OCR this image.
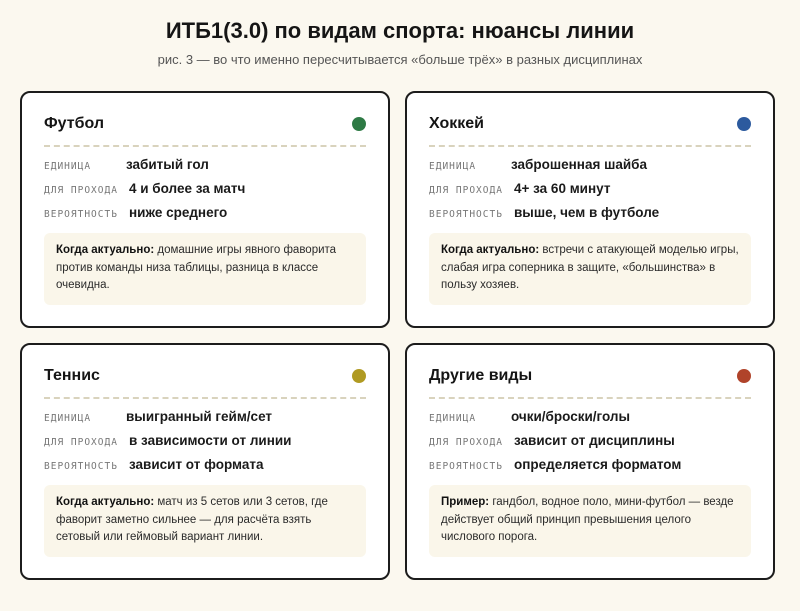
ИТБ1(3.0) по видам спорта: нюансы линии
рис. 3 — во что именно пересчитывается «больше трёх» в разных дисциплинах
Футбол
ЕДИНИЦА	забитый гол
ДЛЯ ПРОХОДА 4 и более за матч
ВЕРОЯТНОСТЬ ниже среднего
Когда актуально: домашние игры явного фаворита против команды низа таблицы, разница в классе очевидна.
Хоккей
ЕДИНИЦА	заброшенная шайба
ДЛЯ ПРОХОДА 4+ за 60 минут
ВЕРОЯТНОСТЬ выше, чем в футболе
Когда актуально: встречи с атакующей моделью игры, слабая игра соперника в защите, «большинства» в пользу хозяев.
Теннис
ЕДИНИЦА	выигранный гейм/сет
ДЛЯ ПРОХОДА в зависимости от линии
ВЕРОЯТНОСТЬ зависит от формата
Когда актуально: матч из 5 сетов или 3 сетов, где фаворит заметно сильнее — для расчёта взять сетовый или геймовый вариант линии.
Другие виды
ЕДИНИЦА	очки/броски/голы
ДЛЯ ПРОХОДА зависит от дисциплины
ВЕРОЯТНОСТЬ определяется форматом
Пример: гандбол, водное поло, мини-футбол — везде действует общий принцип превышения целого числового порога.
